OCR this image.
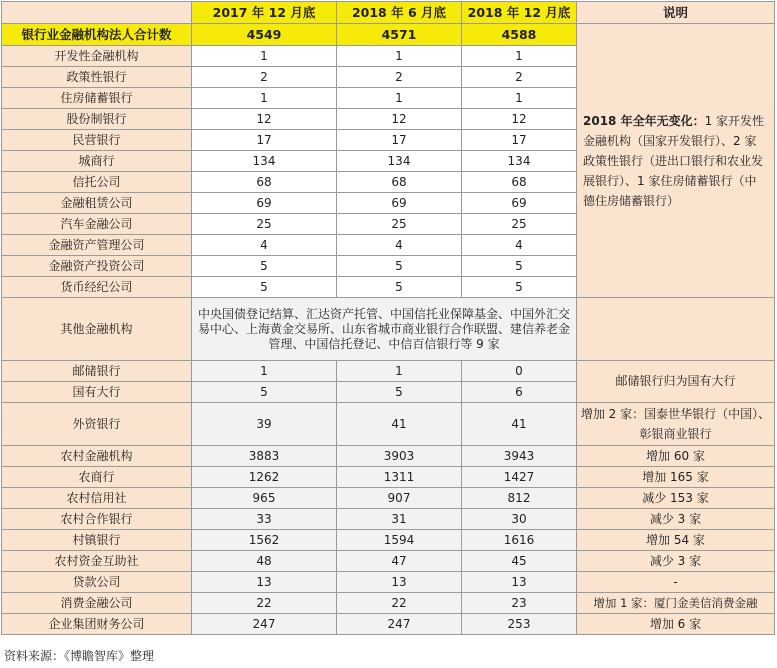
	2017 年 12 月底	2018 年 6 月底	2018 年 12 月底	说明
银行业金融机构法人合计数	4549	4571	4588	2018 年全年无变化：1 家开发性金融机构（国家开发银行）、2 家政策性银行（进出口银行和农业发展银行）、1 家住房储蓄银行（中德住房储蓄银行）
开发性金融机构	1	1	1	
政策性银行	2	2	2	
住房储蓄银行	1	1	1	
股份制银行	12	12	12	
民营银行	17	17	17	
城商行	134	134	134	
信托公司	68	68	68	
金融租赁公司	69	69	69	
汽车金融公司	25	25	25	
金融资产管理公司	4	4	4	
金融资产投资公司	5	5	5	
货币经纪公司	5	5	5	
其他金融机构	中央国债登记结算、汇达资产托管、中国信托业保障基金、中国外汇交易中心、上海黄金交易所、山东省城市商业银行合作联盟、建信养老金管理、中国信托登记、中信百信银行等 9 家			
邮储银行	1	1	0	邮储银行归为国有大行
国有大行	5	5	6	
外资银行	39	41	41	增加 2 家：国泰世华银行（中国）、彰银商业银行
农村金融机构	3883	3903	3943	增加 60 家
农商行	1262	1311	1427	增加 165 家
农村信用社	965	907	812	减少 153 家
农村合作银行	33	31	30	减少 3 家
村镇银行	1562	1594	1616	增加 54 家
农村资金互助社	48	47	45	减少 3 家
贷款公司	13	13	13	-
消费金融公司	22	22	23	增加 1 家：厦门金美信消费金融
企业集团财务公司	247	247	253	增加 6 家
资料来源：《博瞻智库》整理
